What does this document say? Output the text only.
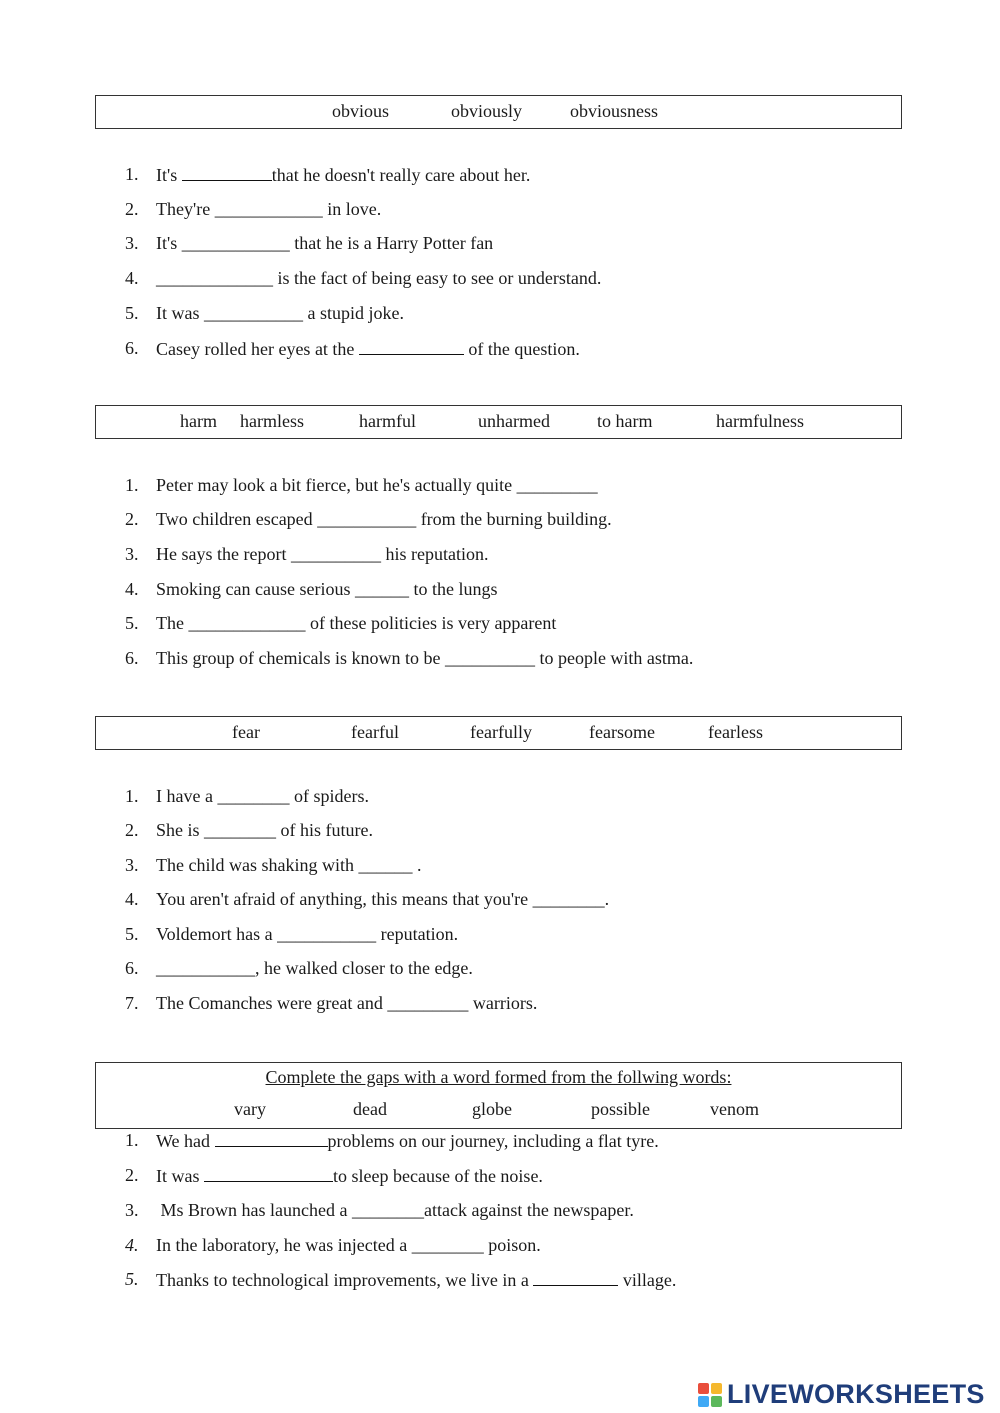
obvious	obviously	obviousness
1. It's	that he doesn't really care about her.
2. They're ____________ in love.
3. It's ____________ that he is a Harry Potter fan
4. _____________ is the fact of being easy to see or understand.
5. It was ___________ a stupid joke.
6. Casey rolled her eyes at the	of the question.
harm harmless	harmful	unharmed	to harm	harmfulness
1. Peter may look a bit fierce, but he's actually quite _________
2. Two children escaped ___________ from the burning building.
3. He says the report __________ his reputation.
4. Smoking can cause serious ______ to the lungs
5. The _____________ of these politicies is very apparent
6. This group of chemicals is known to be __________ to people with astma.
fear	fearful	fearfully	fearsome	fearless
1. I have a ________ of spiders.
2. She is ________ of his future.
3. The child was shaking with ______ .
4. You aren't afraid of anything, this means that you're ________.
5. Voldemort has a ___________ reputation.
6. ___________, he walked closer to the edge.
7. The Comanches were great and _________ warriors.
Complete the gaps with a word formed from the follwing words:
vary	dead	globe	possible	venom
1. We had	problems on our journey, including a flat tyre.
2. It was	to sleep because of the noise.
3. Ms Brown has launched a ________attack against the newspaper.
4. In the laboratory, he was injected a ________ poison.
5. Thanks to technological improvements, we live in a	village.
LIVEWORKSHEETS
